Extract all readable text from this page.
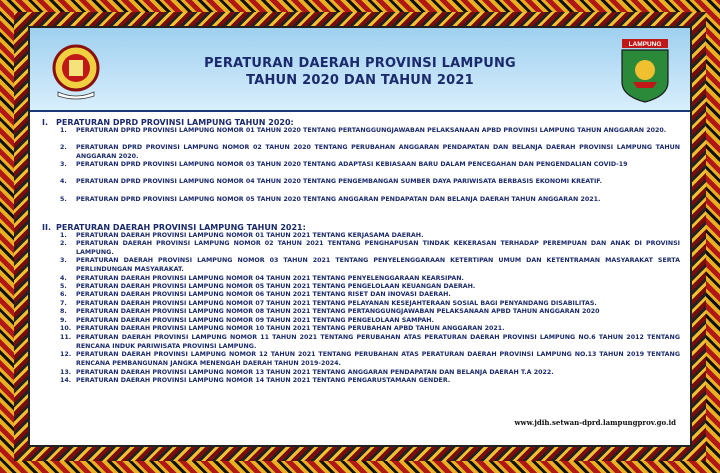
PERATURAN DAERAH PROVINSI LAMPUNG
TAHUN 2020 DAN TAHUN 2021
LAMPUNG
I. PERATURAN DPRD PROVINSI LAMPUNG TAHUN 2020:
1.	PERATURAN DPRD PROVINSI LAMPUNG NOMOR 01 TAHUN 2020 TENTANG PERTANGGUNGJAWABAN PELAKSANAAN APBD PROVINSI LAMPUNG TAHUN ANGGARAN 2020.
2.	PERATURAN DPRD PROVINSI LAMPUNG NOMOR 02 TAHUN 2020 TENTANG PERUBAHAN ANGGARAN PENDAPATAN DAN BELANJA DAERAH PROVINSI LAMPUNG TAHUN ANGGARAN 2020.
3.	PERATURAN DPRD PROVINSI LAMPUNG NOMOR 03 TAHUN 2020 TENTANG ADAPTASI KEBIASAAN BARU DALAM PENCEGAHAN DAN PENGENDALIAN COVID-19
4.	PERATURAN DPRD PROVINSI LAMPUNG NOMOR 04 TAHUN 2020 TENTANG PENGEMBANGAN SUMBER DAYA PARIWISATA BERBASIS EKONOMI KREATIF.
5.	PERATURAN DPRD PROVINSI LAMPUNG NOMOR 05 TAHUN 2020 TENTANG ANGGARAN PENDAPATAN DAN BELANJA DAERAH TAHUN ANGGARAN 2021.
II. PERATURAN DAERAH PROVINSI LAMPUNG TAHUN 2021:
1.	PERATURAN DAERAH PROVINSI LAMPUNG NOMOR 01 TAHUN 2021 TENTANG KERJASAMA DAERAH.
2.	PERATURAN DAERAH PROVINSI LAMPUNG NOMOR 02 TAHUN 2021 TENTANG PENGHAPUSAN TINDAK KEKERASAN TERHADAP PEREMPUAN DAN ANAK DI PROVINSI LAMPUNG.
3.	PERATURAN DAERAH PROVINSI LAMPUNG NOMOR 03 TAHUN 2021 TENTANG PENYELENGGARAAN KETERTIPAN UMUM DAN KETENTRAMAN MASYARAKAT SERTA PERLINDUNGAN MASYARAKAT.
4.	PERATURAN DAERAH PROVINSI LAMPUNG NOMOR 04 TAHUN 2021 TENTANG PENYELENGGARAAN KEARSIPAN.
5.	PERATURAN DAERAH PROVINSI LAMPUNG NOMOR 05 TAHUN 2021 TENTANG PENGELOLAAN KEUANGAN DAERAH.
6.	PERATURAN DAERAH PROVINSI LAMPUNG NOMOR 06 TAHUN 2021 TENTANG RISET DAN INOVASI DAERAH.
7.	PERATURAN DAERAH PROVINSI LAMPUNG NOMOR 07 TAHUN 2021 TENTANG PELAYANAN KESEJAHTERAAN SOSIAL BAGI PENYANDANG DISABILITAS.
8.	PERATURAN DAERAH PROVINSI LAMPUNG NOMOR 08 TAHUN 2021 TENTANG PERTANGGUNGJAWABAN PELAKSANAAN APBD TAHUN ANGGARAN 2020
9.	PERATURAN DAERAH PROVINSI LAMPUNG NOMOR 09 TAHUN 2021 TENTANG PENGELOLAAN SAMPAH.
10. PERATURAN DAERAH PROVINSI LAMPUNG NOMOR 10 TAHUN 2021 TENTANG PERUBAHAN APBD TAHUN ANGGARAN 2021.
11. PERATURAN DAERAH PROVINSI LAMPUNG NOMOR 11 TAHUN 2021 TENTANG PERUBAHAN ATAS PERATURAN DAERAH PROVINSI LAMPUNG NO.6 TAHUN 2012 TENTANG RENCANA INDUK PARIWISATA PROVINSI LAMPUNG.
12. PERATURAN DAERAH PROVINSI LAMPUNG NOMOR 12 TAHUN 2021 TENTANG PERUBAHAN ATAS PERATURAN DAERAH PROVINSI LAMPUNG NO.13 TAHUN 2019 TENTANG RENCANA PEMBANGUNAN JANGKA MENENGAH DAERAH TAHUN 2019-2024.
13. PERATURAN DAERAH PROVINSI LAMPUNG NOMOR 13 TAHUN 2021 TENTANG ANGGARAN PENDAPATAN DAN BELANJA DAERAH T.A 2022.
14. PERATURAN DAERAH PROVINSI LAMPUNG NOMOR 14 TAHUN 2021 TENTANG PENGARUSTAMAAN GENDER.
www.jdih.setwan-dprd.lampungprov.go.id
